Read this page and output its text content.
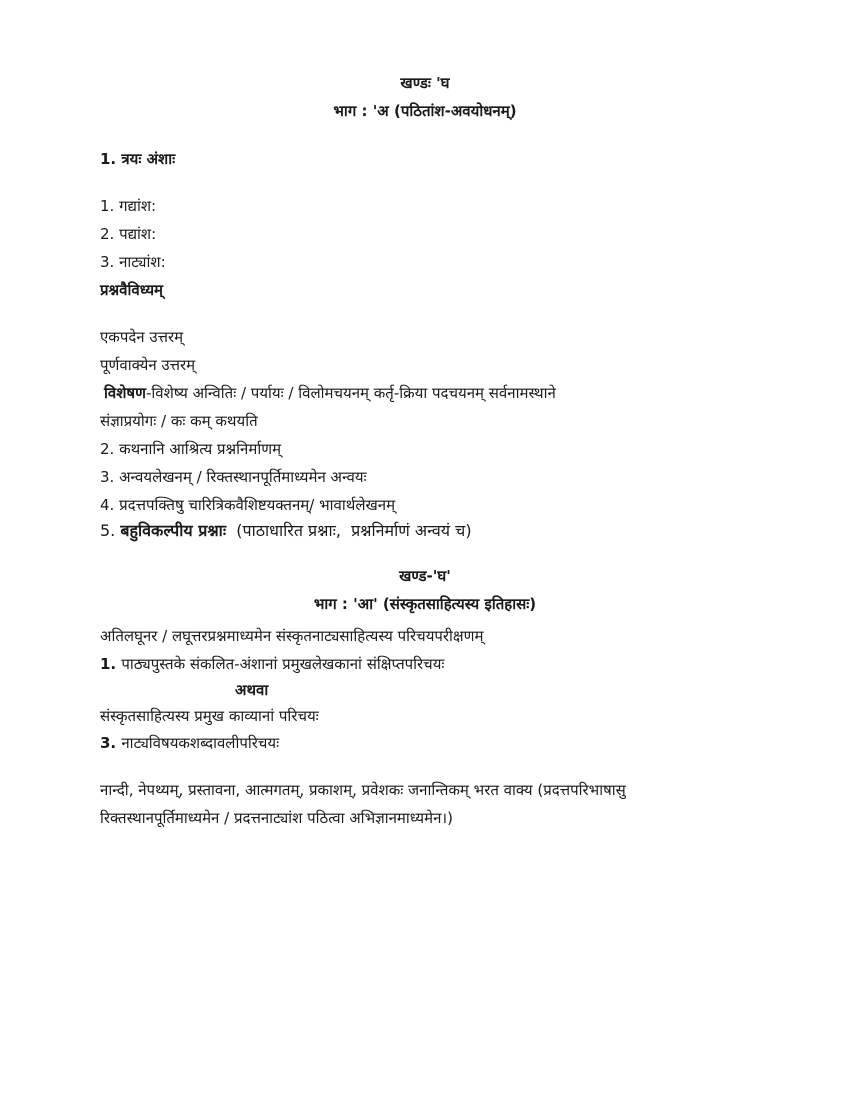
खण्डः 'घ
भाग : 'अ (पठितांश-अवयोधनम्)
1. त्रयः अंशाः
1. गद्यांश:
2. पद्यांश:
3. नाट्यांश:
प्रश्नवैविध्यम्
एकपदेन उत्तरम्
पूर्णवाक्येन उत्तरम्
विशेषण-विशेष्य अन्वितिः / पर्यायः / विलोमचयनम् कर्तृ-क्रिया पदचयनम् सर्वनामस्थाने
संज्ञाप्रयोगः / कः कम् कथयति
2. कथनानि आश्रित्य प्रश्ननिर्माणम्
3. अन्वयलेखनम् / रिक्तस्थानपूर्तिमाध्यमेन अन्वयः
4. प्रदत्तपक्तिषु चारित्रिकवैशिष्टयक्तनम्/ भावार्थलेखनम्
5. बहुविकल्पीय प्रश्नाः  (पाठाधारित प्रश्नाः,  प्रश्ननिर्माणं अन्वयं च)
खण्ड-'घ'
भाग : 'आ' (संस्कृतसाहित्यस्य इतिहासः)
अतिलघूनर / लघूत्तरप्रश्नमाध्यमेन संस्कृतनाट्यसाहित्यस्य परिचयपरीक्षणम्
1. पाठ्यपुस्तके संकलित-अंशानां प्रमुखलेखकानां संक्षिप्तपरिचयः
अथवा
संस्कृतसाहित्यस्य प्रमुख काव्यानां परिचयः
3. नाट्यविषयकशब्दावलीपरिचयः
नान्दी, नेपथ्यम्, प्रस्तावना, आत्मगतम्, प्रकाशम्, प्रवेशकः जनान्तिकम् भरत वाक्य (प्रदत्तपरिभाषासु
रिक्तस्थानपूर्तिमाध्यमेन / प्रदत्तनाट्यांश पठित्वा अभिज्ञानमाध्यमेन।)
